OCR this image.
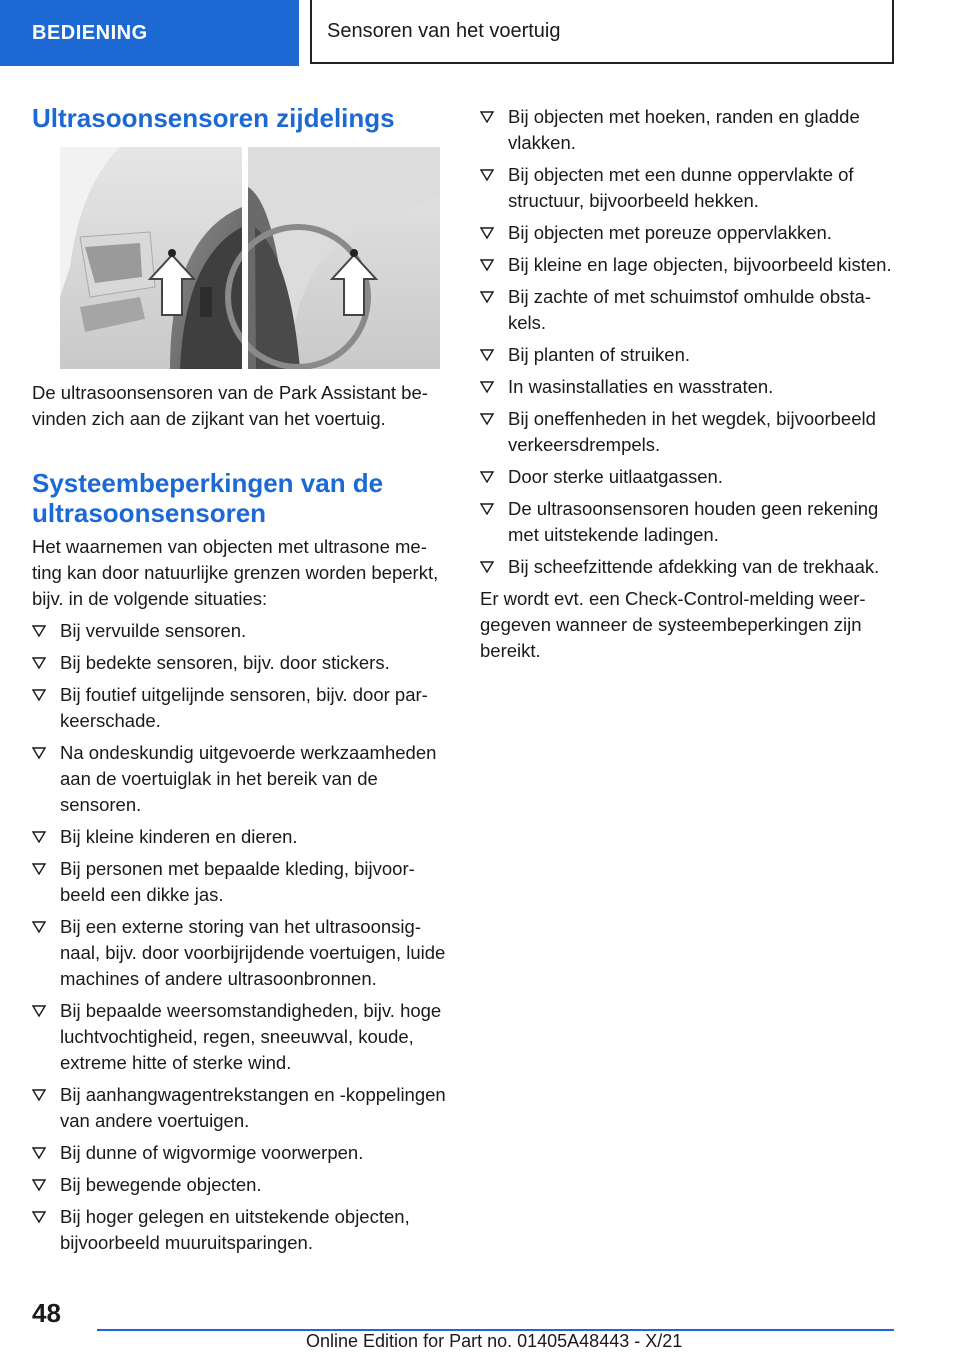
BEDIENING	Sensoren van het voertuig
Ultrasoonsensoren zijdelings

De ultrasoonsensoren van de Park Assistant bevinden zich aan de zijkant van het voertuig.

Systeembeperkingen van de ultrasoonsensoren

Het waarnemen van objecten met ultrasone meting kan door natuurlijke grenzen worden beperkt, bijv. in de volgende situaties:

Bij vervuilde sensoren.
Bij bedekte sensoren, bijv. door stickers.
Bij foutief uitgelijnde sensoren, bijv. door parkeerschade.
Na ondeskundig uitgevoerde werkzaamheden aan de voertuiglak in het bereik van de sensoren.
Bij kleine kinderen en dieren.
Bij personen met bepaalde kleding, bijvoorbeeld een dikke jas.
Bij een externe storing van het ultrasoonsignaal, bijv. door voorbijrijdende voertuigen, luide machines of andere ultrasoonbronnen.
Bij bepaalde weersomstandigheden, bijv. hoge luchtvochtigheid, regen, sneeuwval, koude, extreme hitte of sterke wind.
Bij aanhangwagentrekstangen en -koppelingen van andere voertuigen.
Bij dunne of wigvormige voorwerpen.
Bij bewegende objecten.
Bij hoger gelegen en uitstekende objecten, bijvoorbeeld muuruitsparingen.
Bij objecten met hoeken, randen en gladde vlakken.
Bij objecten met een dunne oppervlakte of structuur, bijvoorbeeld hekken.
Bij objecten met poreuze oppervlakken.
Bij kleine en lage objecten, bijvoorbeeld kisten.
Bij zachte of met schuimstof omhulde obstakels.
Bij planten of struiken.
In wasinstallaties en wasstraten.
Bij oneffenheden in het wegdek, bijvoorbeeld verkeersdrempels.
Door sterke uitlaatgassen.
De ultrasoonsensoren houden geen rekening met uitstekende ladingen.
Bij scheefzittende afdekking van de trekhaak.

Er wordt evt. een Check-Control-melding weergegeven wanneer de systeembeperkingen zijn bereikt.

48
Online Edition for Part no. 01405A48443 - X/21
